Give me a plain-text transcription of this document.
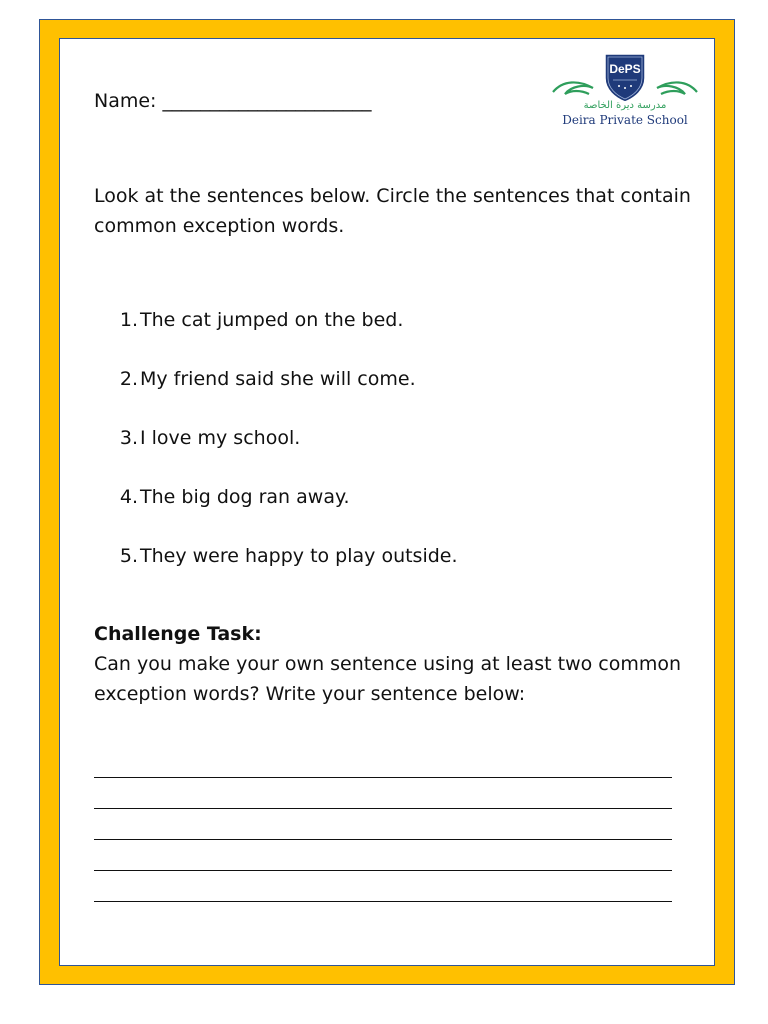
DePS
مدرسة ديرة الخاصة
Deira Private School
Name: ______________________
Look at the sentences below. Circle the sentences that contain common exception words.
1. The cat jumped on the bed.
2. My friend said she will come.
3. I love my school.
4. The big dog ran away.
5. They were happy to play outside.
Challenge Task:
Can you make your own sentence using at least two common exception words? Write your sentence below:
